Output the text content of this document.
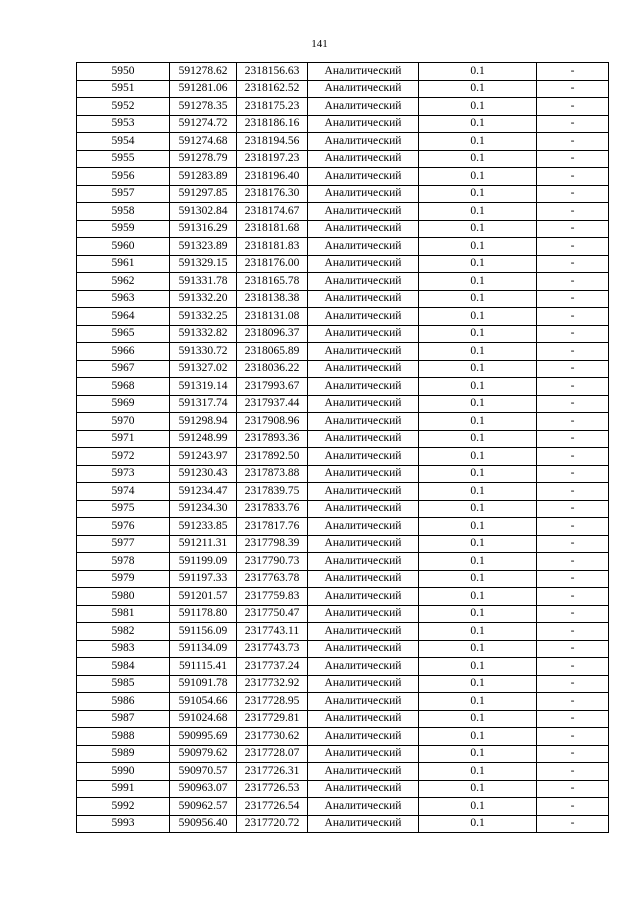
141
5950	591278.62	2318156.63	Аналитический	0.1	-
5951	591281.06	2318162.52	Аналитический	0.1	-
5952	591278.35	2318175.23	Аналитический	0.1	-
5953	591274.72	2318186.16	Аналитический	0.1	-
5954	591274.68	2318194.56	Аналитический	0.1	-
5955	591278.79	2318197.23	Аналитический	0.1	-
5956	591283.89	2318196.40	Аналитический	0.1	-
5957	591297.85	2318176.30	Аналитический	0.1	-
5958	591302.84	2318174.67	Аналитический	0.1	-
5959	591316.29	2318181.68	Аналитический	0.1	-
5960	591323.89	2318181.83	Аналитический	0.1	-
5961	591329.15	2318176.00	Аналитический	0.1	-
5962	591331.78	2318165.78	Аналитический	0.1	-
5963	591332.20	2318138.38	Аналитический	0.1	-
5964	591332.25	2318131.08	Аналитический	0.1	-
5965	591332.82	2318096.37	Аналитический	0.1	-
5966	591330.72	2318065.89	Аналитический	0.1	-
5967	591327.02	2318036.22	Аналитический	0.1	-
5968	591319.14	2317993.67	Аналитический	0.1	-
5969	591317.74	2317937.44	Аналитический	0.1	-
5970	591298.94	2317908.96	Аналитический	0.1	-
5971	591248.99	2317893.36	Аналитический	0.1	-
5972	591243.97	2317892.50	Аналитический	0.1	-
5973	591230.43	2317873.88	Аналитический	0.1	-
5974	591234.47	2317839.75	Аналитический	0.1	-
5975	591234.30	2317833.76	Аналитический	0.1	-
5976	591233.85	2317817.76	Аналитический	0.1	-
5977	591211.31	2317798.39	Аналитический	0.1	-
5978	591199.09	2317790.73	Аналитический	0.1	-
5979	591197.33	2317763.78	Аналитический	0.1	-
5980	591201.57	2317759.83	Аналитический	0.1	-
5981	591178.80	2317750.47	Аналитический	0.1	-
5982	591156.09	2317743.11	Аналитический	0.1	-
5983	591134.09	2317743.73	Аналитический	0.1	-
5984	591115.41	2317737.24	Аналитический	0.1	-
5985	591091.78	2317732.92	Аналитический	0.1	-
5986	591054.66	2317728.95	Аналитический	0.1	-
5987	591024.68	2317729.81	Аналитический	0.1	-
5988	590995.69	2317730.62	Аналитический	0.1	-
5989	590979.62	2317728.07	Аналитический	0.1	-
5990	590970.57	2317726.31	Аналитический	0.1	-
5991	590963.07	2317726.53	Аналитический	0.1	-
5992	590962.57	2317726.54	Аналитический	0.1	-
5993	590956.40	2317720.72	Аналитический	0.1	-
